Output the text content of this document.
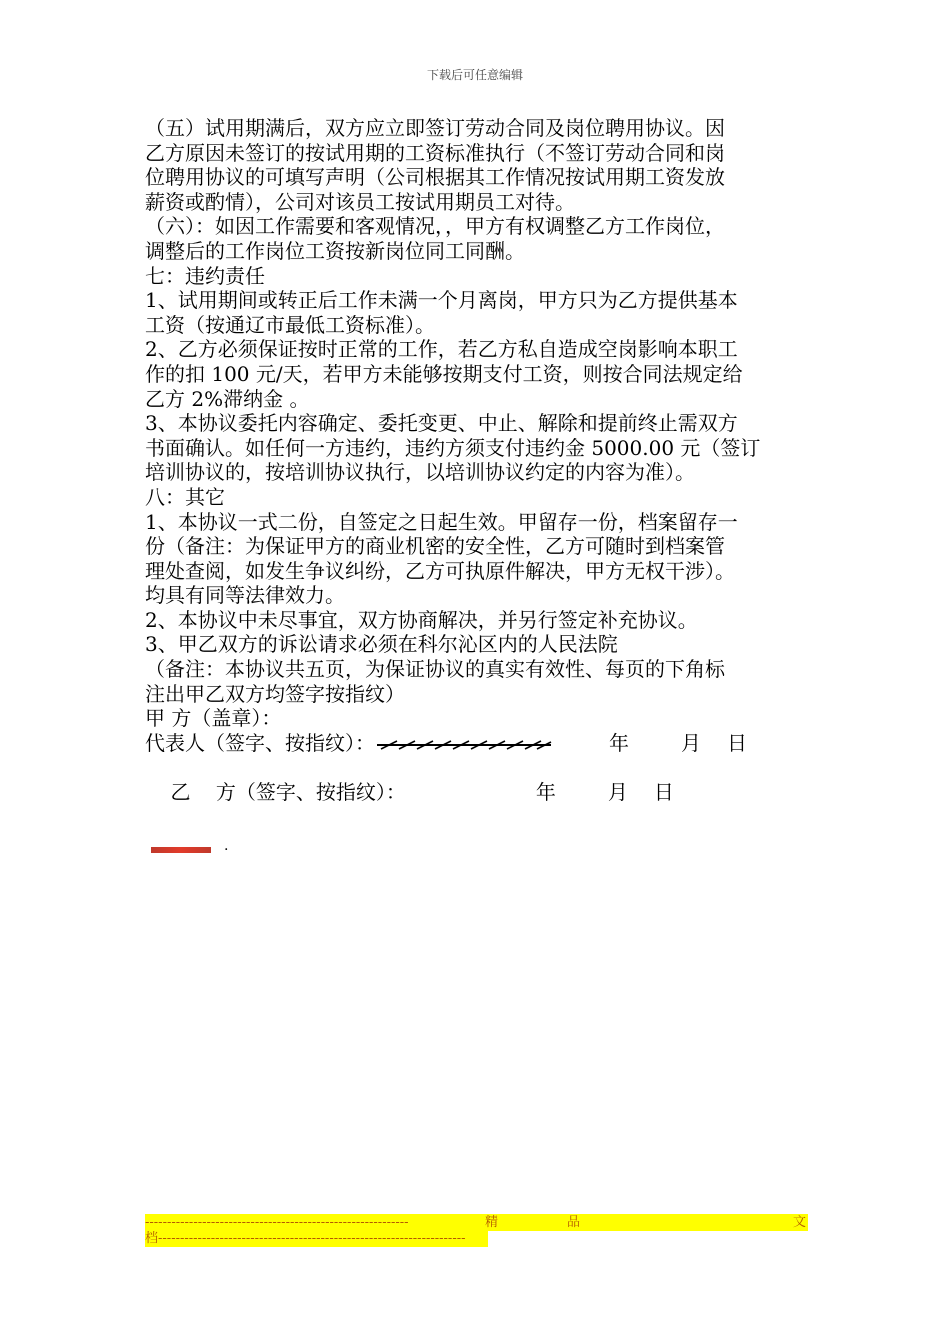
下载后可任意编辑

（五）试用期满后，双方应立即签订劳动合同及岗位聘用协议。因

乙方原因未签订的按试用期的工资标准执行（不签订劳动合同和岗

位聘用协议的可填写声明（公司根据其工作情况按试用期工资发放

薪资或酌情），公司对该员工按试用期员工对待。

（六）：如因工作需要和客观情况，，甲方有权调整乙方工作岗位，

调整后的工作岗位工资按新岗位同工同酬。

七：违约责任

1、试用期间或转正后工作未满一个月离岗，甲方只为乙方提供基本

工资（按通辽市最低工资标准）。

2、乙方必须保证按时正常的工作，若乙方私自造成空岗影响本职工

作的扣 100 元/天，若甲方未能够按期支付工资，则按合同法规定给

乙方 2%滞纳金 。

3、本协议委托内容确定、委托变更、中止、解除和提前终止需双方

书面确认。如任何一方违约，违约方须支付违约金 5000.00 元（签订

培训协议的，按培训协议执行，以培训协议约定的内容为准）。

八：其它

1、本协议一式二份，自签定之日起生效。甲留存一份，档案留存一

份（备注：为保证甲方的商业机密的安全性，乙方可随时到档案管

理处查阅，如发生争议纠纷，乙方可执原件解决，甲方无权干涉）。

均具有同等法律效力。

2、本协议中未尽事宜，双方协商解决，并另行签定补充协议。

3、甲乙双方的诉讼请求必须在科尔沁区内的人民法院

（备注：本协议共五页，为保证协议的真实有效性、每页的下角标

注出甲乙双方均签字按指纹）

甲 方（盖章）：

代表人（签字、按指纹）：	年	月 日

乙    方（签字、按指纹）：	年	月 日

.
------------------------------------------------------------	精	品	文
档----------------------------------------------------------------------
